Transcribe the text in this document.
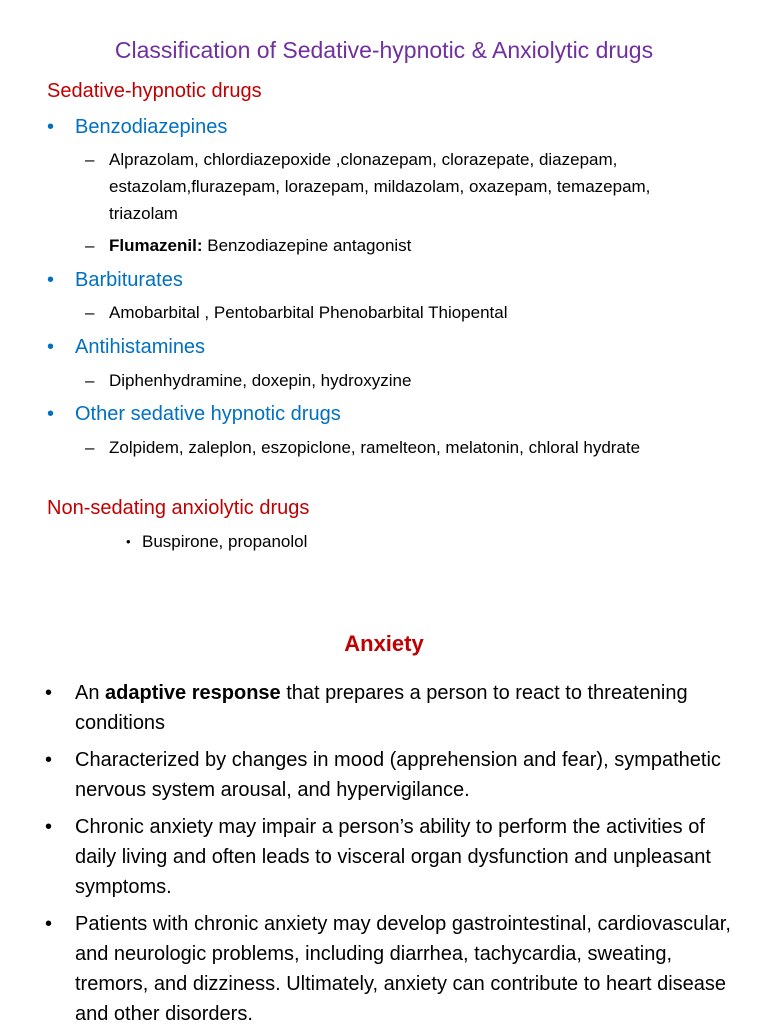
Classification of Sedative-hypnotic & Anxiolytic drugs
Sedative-hypnotic drugs
• Benzodiazepines
– Alprazolam, chlordiazepoxide ,clonazepam, clorazepate, diazepam, estazolam,flurazepam, lorazepam, mildazolam, oxazepam, temazepam, triazolam
– Flumazenil: Benzodiazepine antagonist
• Barbiturates
– Amobarbital , Pentobarbital Phenobarbital Thiopental
• Antihistamines
– Diphenhydramine, doxepin, hydroxyzine
• Other sedative hypnotic drugs
– Zolpidem, zaleplon, eszopiclone, ramelteon, melatonin, chloral hydrate
Non-sedating anxiolytic drugs
• Buspirone, propanolol
Anxiety
• An adaptive response that prepares a person to react to threatening conditions
• Characterized by changes in mood (apprehension and fear), sympathetic nervous system arousal, and hypervigilance.
• Chronic anxiety may impair a person’s ability to perform the activities of daily living and often leads to visceral organ dysfunction and unpleasant symptoms.
• Patients with chronic anxiety may develop gastrointestinal, cardiovascular, and neurologic problems, including diarrhea, tachycardia, sweating, tremors, and dizziness. Ultimately, anxiety can contribute to heart disease and other disorders.
